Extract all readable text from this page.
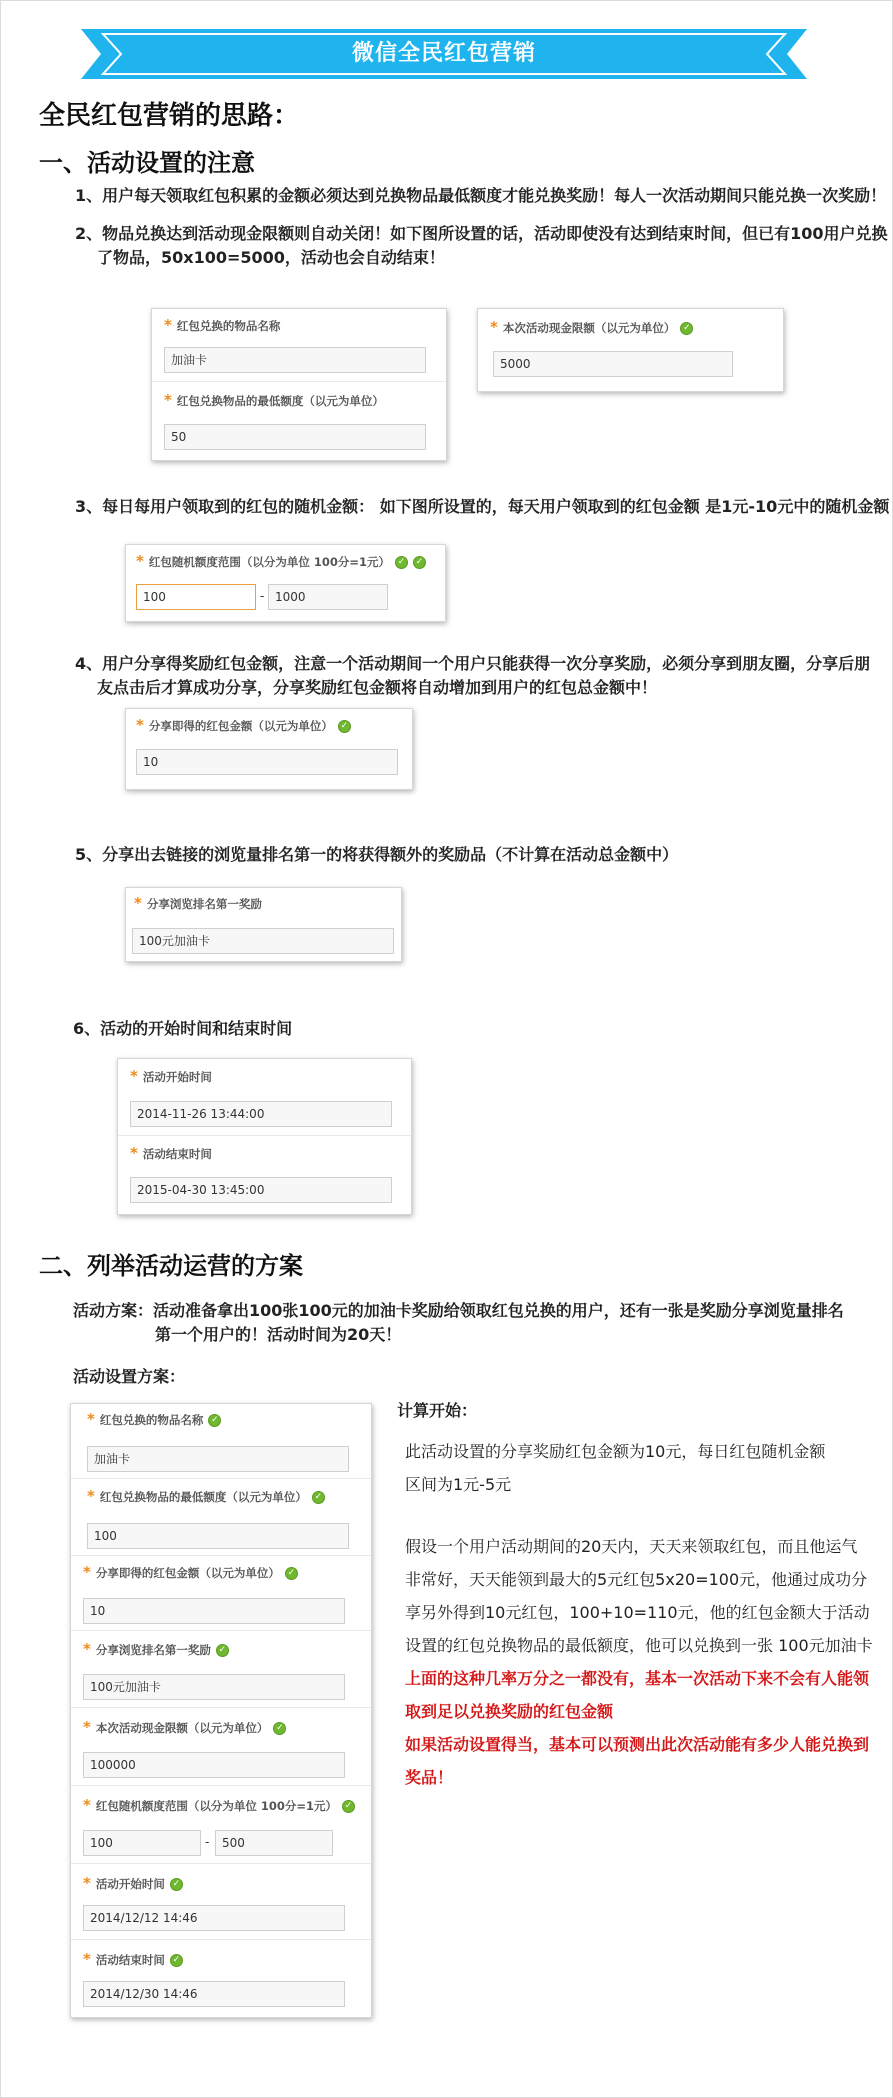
微信全民红包营销
全民红包营销的思路：
一、活动设置的注意
1、用户每天领取红包积累的金额必须达到兑换物品最低额度才能兑换奖励！每人一次活动期间只能兑换一次奖励！
2、物品兑换达到活动现金限额则自动关闭！如下图所设置的话，活动即使没有达到结束时间，但已有100用户兑换
了物品，50x100=5000，活动也会自动结束！
* 红包兑换的物品名称
加油卡
* 红包兑换物品的最低额度（以元为单位）
50
* 本次活动现金限额（以元为单位） ✓
5000
3、每日每用户领取到的红包的随机金额： 如下图所设置的，每天用户领取到的红包金额 是1元-10元中的随机金额
* 红包随机额度范围（以分为单位 100分=1元） ✓ ✓
100	- 1000
4、用户分享得奖励红包金额，注意一个活动期间一个用户只能获得一次分享奖励，必须分享到朋友圈，分享后朋
友点击后才算成功分享，分享奖励红包金额将自动增加到用户的红包总金额中！
* 分享即得的红包金额（以元为单位） ✓
10
5、分享出去链接的浏览量排名第一的将获得额外的奖励品（不计算在活动总金额中）
* 分享浏览排名第一奖励
100元加油卡
6、活动的开始时间和结束时间
* 活动开始时间
2014-11-26 13:44:00
* 活动结束时间
2015-04-30 13:45:00
二、列举活动运营的方案
活动方案：活动准备拿出100张100元的加油卡奖励给领取红包兑换的用户，还有一张是奖励分享浏览量排名
第一个用户的！活动时间为20天！
活动设置方案：
* 红包兑换的物品名称 ✓
加油卡
* 红包兑换物品的最低额度（以元为单位） ✓
100
* 分享即得的红包金额（以元为单位） ✓
10
* 分享浏览排名第一奖励 ✓
100元加油卡
* 本次活动现金限额（以元为单位） ✓
100000
* 红包随机额度范围（以分为单位 100分=1元） ✓
100	-	500
* 活动开始时间 ✓
2014/12/12 14:46
* 活动结束时间 ✓
2014/12/30 14:46
计算开始：
此活动设置的分享奖励红包金额为10元，每日红包随机金额
区间为1元-5元
假设一个用户活动期间的20天内，天天来领取红包，而且他运气
非常好，天天能领到最大的5元红包5x20=100元，他通过成功分
享另外得到10元红包，100+10=110元，他的红包金额大于活动
设置的红包兑换物品的最低额度，他可以兑换到一张 100元加油卡
上面的这种几率万分之一都没有，基本一次活动下来不会有人能领
取到足以兑换奖励的红包金额
如果活动设置得当，基本可以预测出此次活动能有多少人能兑换到
奖品！
